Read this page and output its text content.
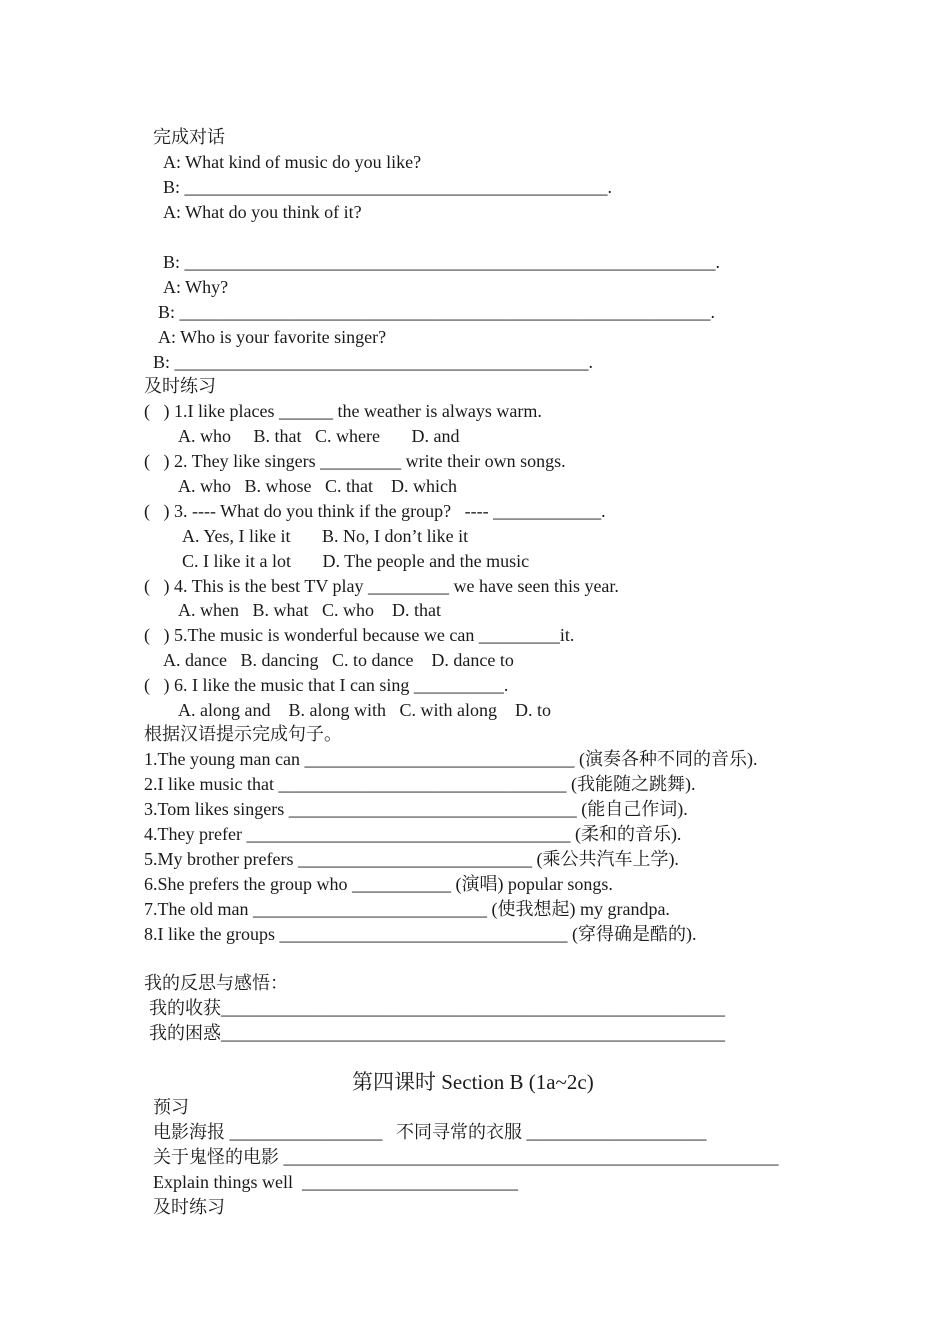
完成对话
A: What kind of music do you like?
B: _______________________________________________.
A: What do you think of it?
B: ___________________________________________________________.
A: Why?
B: ___________________________________________________________.
A: Who is your favorite singer?
B: ______________________________________________.
及时练习
(   ) 1.I like places ______ the weather is always warm.
A. who     B. that   C. where       D. and
(   ) 2. They like singers _________ write their own songs.
A. who   B. whose   C. that    D. which
(   ) 3. ---- What do you think if the group?   ---- ____________.
A. Yes, I like it       B. No, I don’t like it
C. I like it a lot       D. The people and the music
(   ) 4. This is the best TV play _________ we have seen this year.
A. when   B. what   C. who    D. that
(   ) 5.The music is wonderful because we can _________it.
A. dance   B. dancing   C. to dance    D. dance to
(   ) 6. I like the music that I can sing __________.
A. along and    B. along with   C. with along    D. to
根据汉语提示完成句子。
1.The young man can ______________________________ (演奏各种不同的音乐).
2.I like music that ________________________________ (我能随之跳舞).
3.Tom likes singers ________________________________ (能自己作词).
4.They prefer ____________________________________ (柔和的音乐).
5.My brother prefers __________________________ (乘公共汽车上学).
6.She prefers the group who ___________ (演唱) popular songs.
7.The old man __________________________ (使我想起) my grandpa.
8.I like the groups ________________________________ (穿得确是酷的).
我的反思与感悟：
我的收获________________________________________________________
我的困惑________________________________________________________
第四课时 Section B (1a~2c)
预习
电影海报 _________________   不同寻常的衣服 ____________________
关于鬼怪的电影 _______________________________________________________
Explain things well  ________________________
及时练习
